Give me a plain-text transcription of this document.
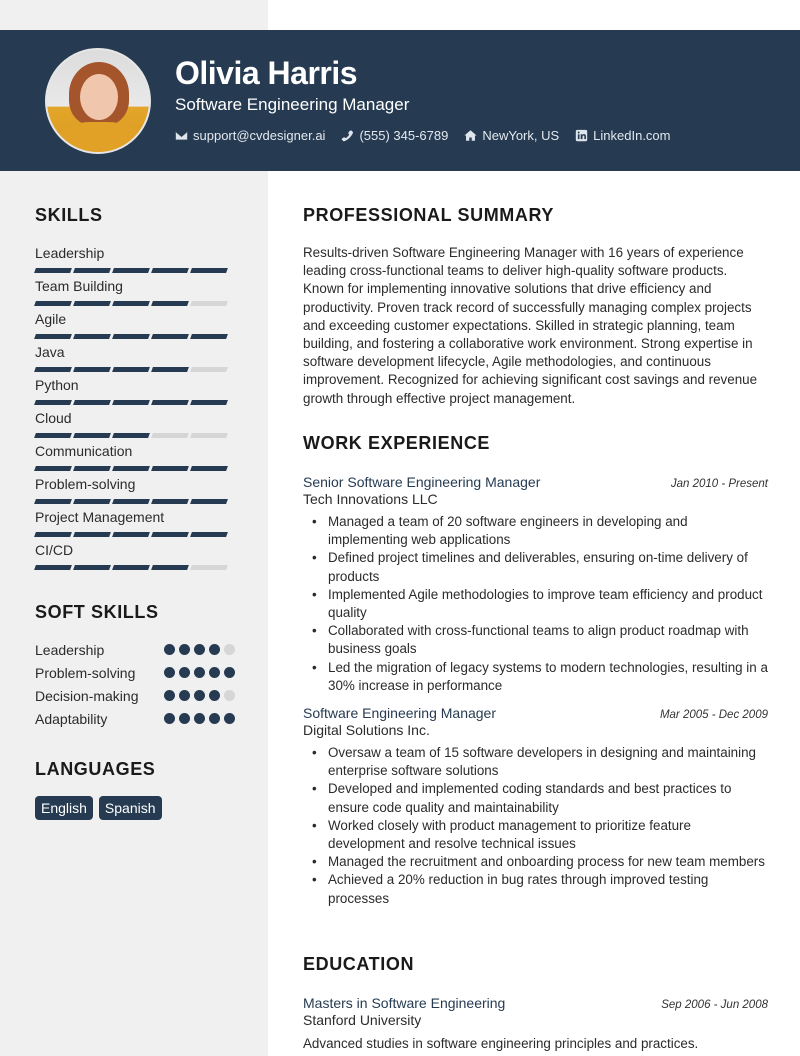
Olivia Harris
Software Engineering Manager
support@cvdesigner.ai	(555) 345-6789	NewYork, US	LinkedIn.com
SKILLS
Leadership
Team Building
Agile
Java
Python
Cloud
Communication
Problem-solving
Project Management
CI/CD
SOFT SKILLS
Leadership
Problem-solving
Decision-making
Adaptability
LANGUAGES
English	Spanish
PROFESSIONAL SUMMARY
Results-driven Software Engineering Manager with 16 years of experience leading cross-functional teams to deliver high-quality software products. Known for implementing innovative solutions that drive efficiency and productivity. Proven track record of successfully managing complex projects and exceeding customer expectations. Skilled in strategic planning, team building, and fostering a collaborative work environment. Strong expertise in software development lifecycle, Agile methodologies, and continuous improvement. Recognized for achieving significant cost savings and revenue growth through effective project management.
WORK EXPERIENCE
Senior Software Engineering Manager	Jan 2010 - Present
Tech Innovations LLC
• Managed a team of 20 software engineers in developing and implementing web applications
• Defined project timelines and deliverables, ensuring on-time delivery of products
• Implemented Agile methodologies to improve team efficiency and product quality
• Collaborated with cross-functional teams to align product roadmap with business goals
• Led the migration of legacy systems to modern technologies, resulting in a 30% increase in performance
Software Engineering Manager	Mar 2005 - Dec 2009
Digital Solutions Inc.
• Oversaw a team of 15 software developers in designing and maintaining enterprise software solutions
• Developed and implemented coding standards and best practices to ensure code quality and maintainability
• Worked closely with product management to prioritize feature development and resolve technical issues
• Managed the recruitment and onboarding process for new team members
• Achieved a 20% reduction in bug rates through improved testing processes
EDUCATION
Masters in Software Engineering	Sep 2006 - Jun 2008
Stanford University
Advanced studies in software engineering principles and practices.
